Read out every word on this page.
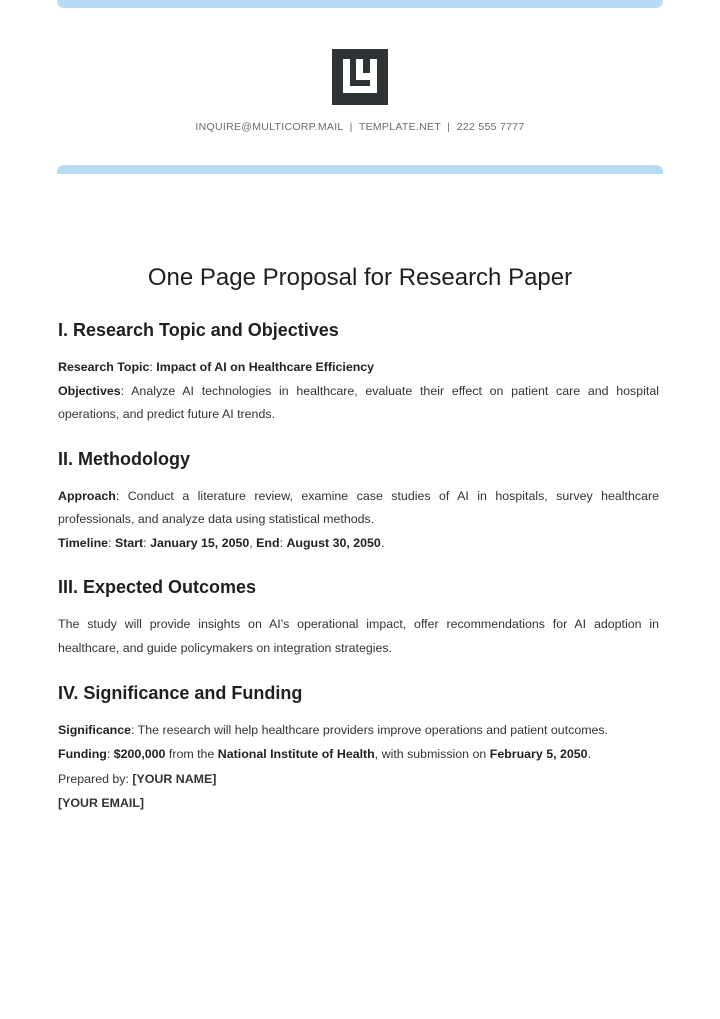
INQUIRE@MULTICORP.MAIL  |  TEMPLATE.NET  |  222 555 7777
One Page Proposal for Research Paper
I. Research Topic and Objectives

Research Topic: Impact of AI on Healthcare Efficiency

Objectives: Analyze AI technologies in healthcare, evaluate their effect on patient care and hospital operations, and predict future AI trends.

II. Methodology

Approach: Conduct a literature review, examine case studies of AI in hospitals, survey healthcare professionals, and analyze data using statistical methods.

Timeline: Start: January 15, 2050, End: August 30, 2050.

III. Expected Outcomes

The study will provide insights on AI's operational impact, offer recommendations for AI adoption in healthcare, and guide policymakers on integration strategies.

IV. Significance and Funding

Significance: The research will help healthcare providers improve operations and patient outcomes.

Funding: $200,000 from the National Institute of Health, with submission on February 5, 2050.

Prepared by: [YOUR NAME]
[YOUR EMAIL]
